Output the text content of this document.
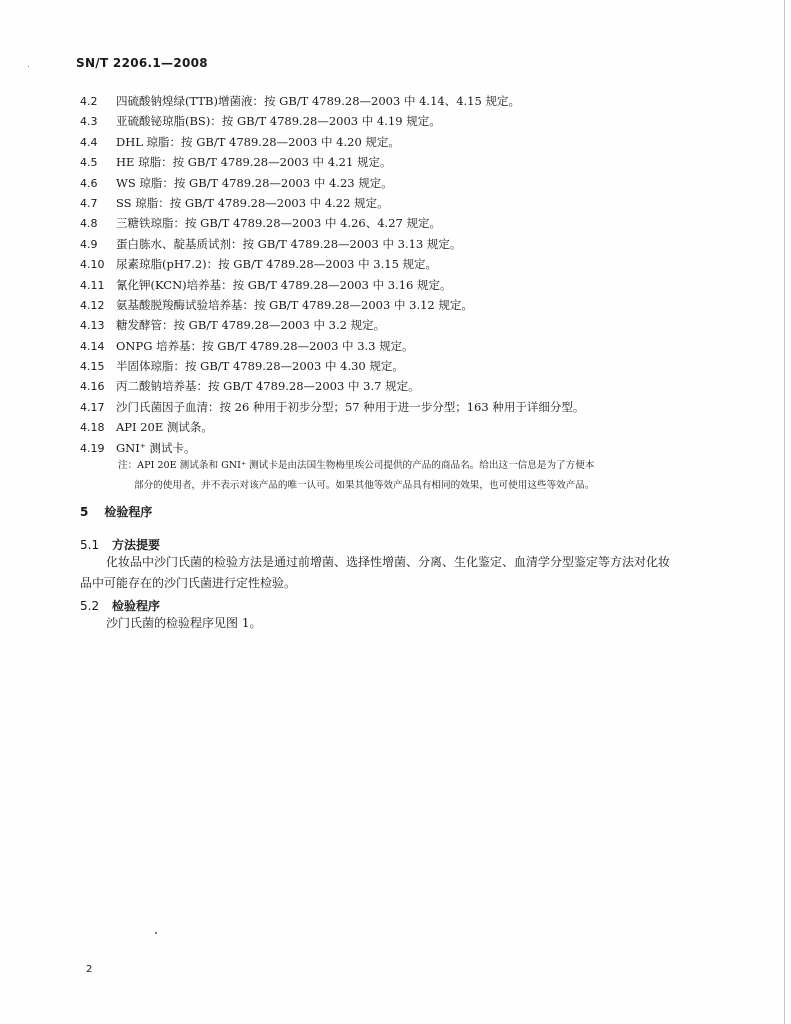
SN/T 2206.1—2008
4.2 四硫酸钠煌绿(TTB)增菌液：按 GB/T 4789.28—2003 中 4.14、4.15 规定。
4.3 亚硫酸铋琼脂(BS)：按 GB/T 4789.28—2003 中 4.19 规定。
4.4 DHL 琼脂：按 GB/T 4789.28—2003 中 4.20 规定。
4.5 HE 琼脂：按 GB/T 4789.28—2003 中 4.21 规定。
4.6 WS 琼脂：按 GB/T 4789.28—2003 中 4.23 规定。
4.7 SS 琼脂：按 GB/T 4789.28—2003 中 4.22 规定。
4.8 三糖铁琼脂：按 GB/T 4789.28—2003 中 4.26、4.27 规定。
4.9 蛋白胨水、靛基质试剂：按 GB/T 4789.28—2003 中 3.13 规定。
4.10 尿素琼脂(pH7.2)：按 GB/T 4789.28—2003 中 3.15 规定。
4.11 氰化钾(KCN)培养基：按 GB/T 4789.28—2003 中 3.16 规定。
4.12 氨基酸脱羧酶试验培养基：按 GB/T 4789.28—2003 中 3.12 规定。
4.13 糖发酵管：按 GB/T 4789.28—2003 中 3.2 规定。
4.14 ONPG 培养基：按 GB/T 4789.28—2003 中 3.3 规定。
4.15 半固体琼脂：按 GB/T 4789.28—2003 中 4.30 规定。
4.16 丙二酸钠培养基：按 GB/T 4789.28—2003 中 3.7 规定。
4.17 沙门氏菌因子血清：按 26 种用于初步分型；57 种用于进一步分型；163 种用于详细分型。
4.18 API 20E 测试条。
4.19 GNI⁺ 测试卡。
注：API 20E 测试条和 GNI⁺ 测试卡是由法国生物梅里埃公司提供的产品的商品名。给出这一信息是为了方便本
部分的使用者，并不表示对该产品的唯一认可。如果其他等效产品具有相同的效果，也可使用这些等效产品。
5 检验程序
5.1 方法提要
化妆品中沙门氏菌的检验方法是通过前增菌、选择性增菌、分离、生化鉴定、血清学分型鉴定等方法对化妆品中可能存在的沙门氏菌进行定性检验。
5.2 检验程序
沙门氏菌的检验程序见图 1。
2
